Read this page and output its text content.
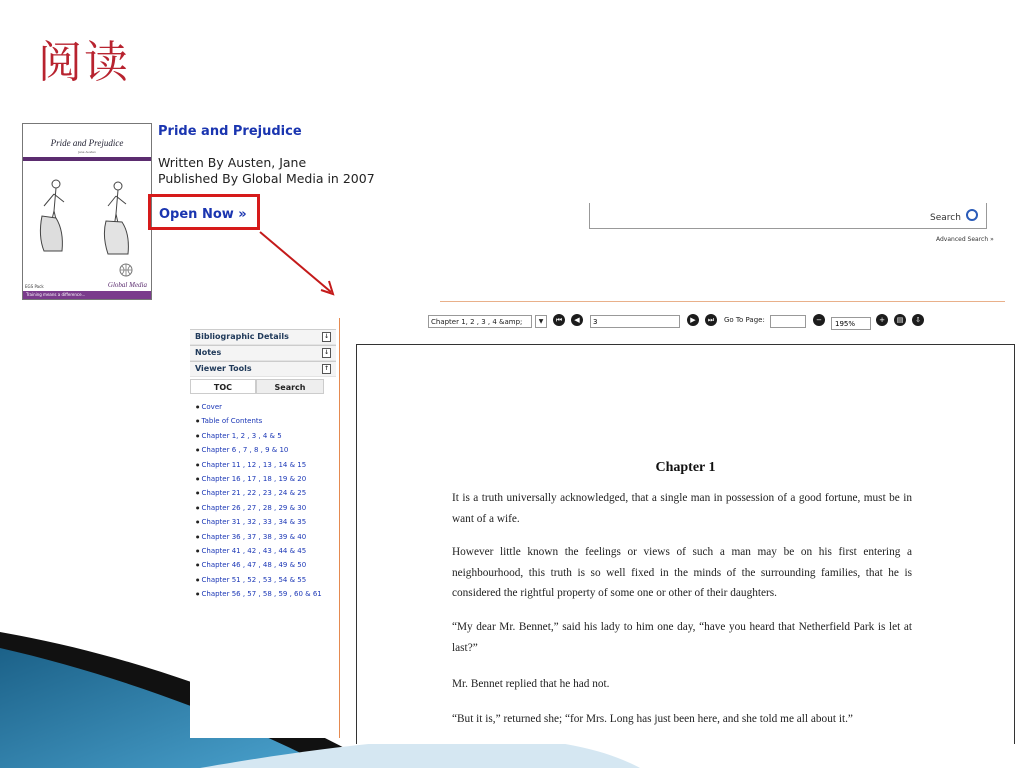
阅读
Pride and Prejudice
Jane Austen
EGS Pack	Global Media
Training means a difference...
Pride and Prejudice
Written By Austen, Jane
Published By Global Media in 2007
Open Now »	Search
Advanced Search »
Bibliographic Details	↓
Notes	↓
Viewer Tools	↑
TOC	Search
● Cover
● Table of Contents
● Chapter 1, 2 , 3 , 4 & 5
● Chapter 6 , 7 , 8 , 9 & 10
● Chapter 11 , 12 , 13 , 14 & 15
● Chapter 16 , 17 , 18 , 19 & 20
● Chapter 21 , 22 , 23 , 24 & 25
● Chapter 26 , 27 , 28 , 29 & 30
● Chapter 31 , 32 , 33 , 34 & 35
● Chapter 36 , 37 , 38 , 39 & 40
● Chapter 41 , 42 , 43 , 44 & 45
● Chapter 46 , 47 , 48 , 49 & 50
● Chapter 51 , 52 , 53 , 54 & 55
● Chapter 56 , 57 , 58 , 59 , 60 & 61
Chapter 1, 2 , 3 , 4 &amp;	▼	⏮	◀	3	▶	⏭	Go To Page:	−	195%	+	▤	⇩
Chapter 1
It is a truth universally acknowledged, that a single man in possession of a good fortune, must be in want of a wife.
However little known the feelings or views of such a man may be on his first entering a neighbourhood, this truth is so well fixed in the minds of the surrounding families, that he is considered the rightful property of some one or other of their daughters.
“My dear Mr. Bennet,” said his lady to him one day, “have you heard that Netherfield Park is let at last?”
Mr. Bennet replied that he had not.
“But it is,” returned she; “for Mrs. Long has just been here, and she told me all about it.”
